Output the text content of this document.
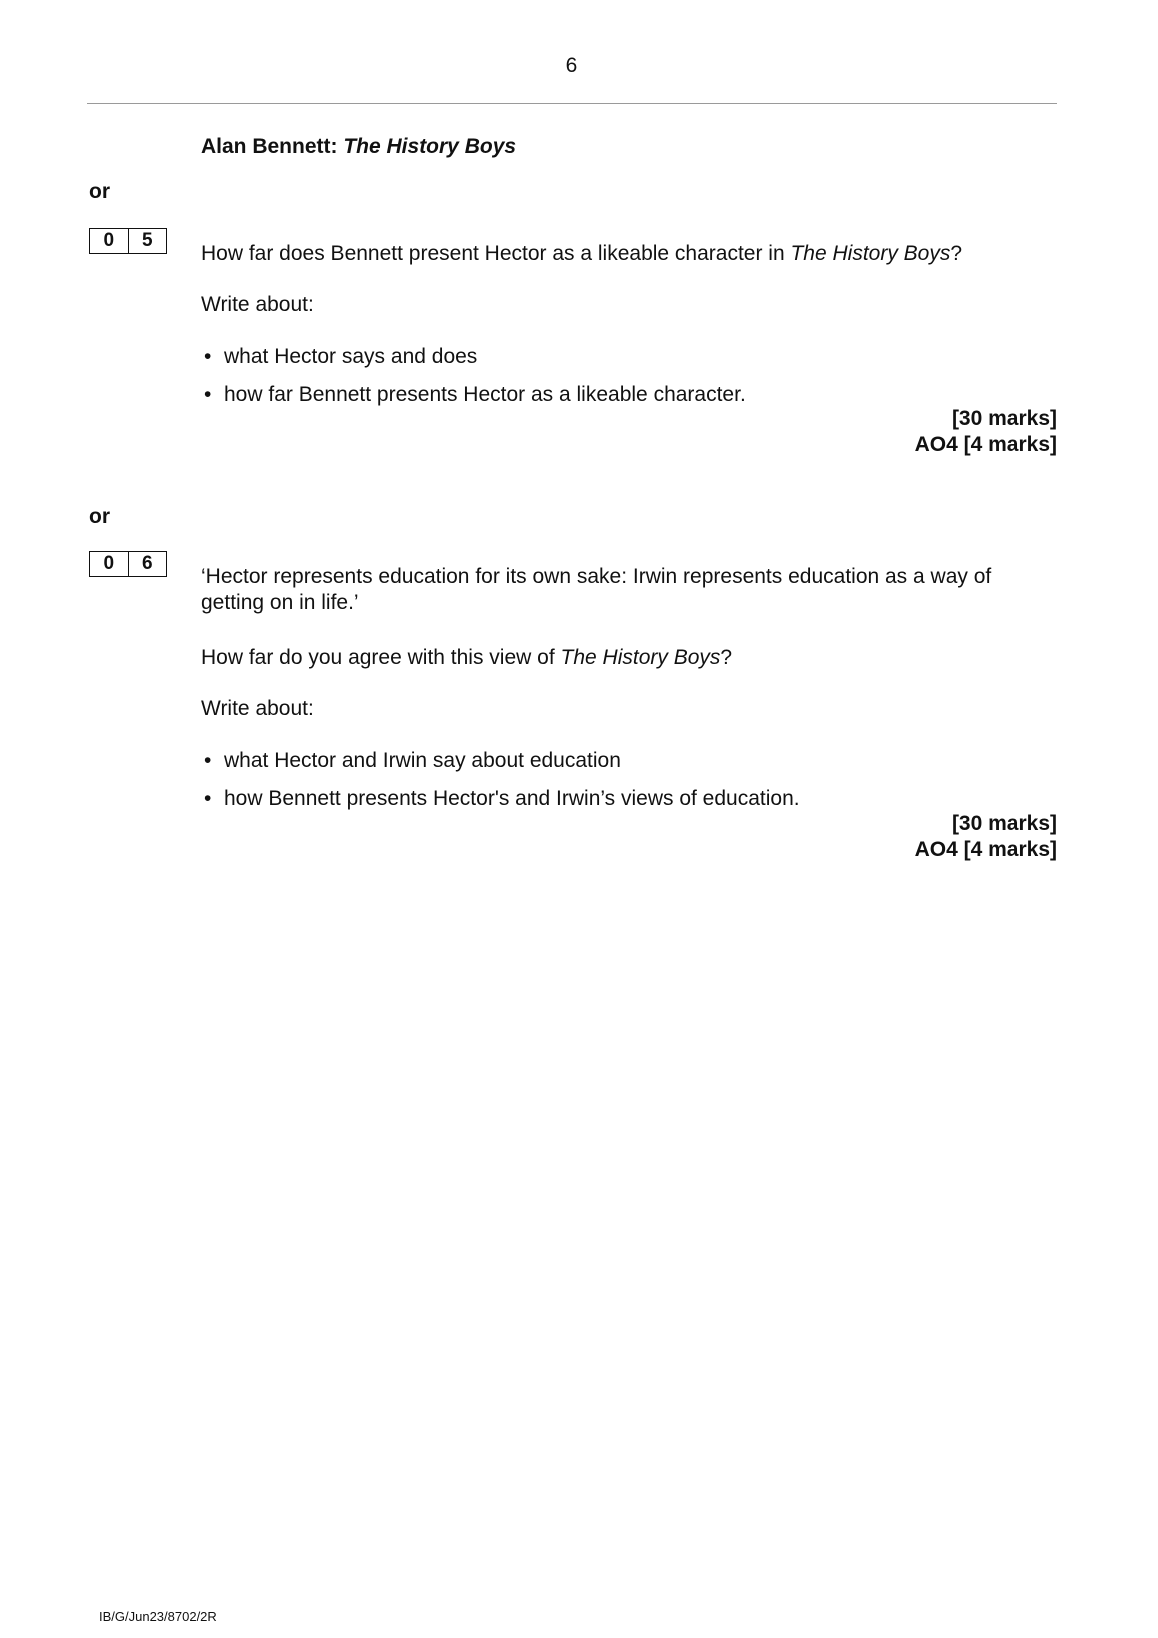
6
Alan Bennett: The History Boys
or
0	5
How far does Bennett present Hector as a likeable character in The History Boys?
Write about:
• what Hector says and does
• how far Bennett presents Hector as a likeable character.
[30 marks]
AO4 [4 marks]
or
0	6
‘Hector represents education for its own sake: Irwin represents education as a way of getting on in life.’
How far do you agree with this view of The History Boys?
Write about:
• what Hector and Irwin say about education
• how Bennett presents Hector's and Irwin’s views of education.
[30 marks]
AO4 [4 marks]
IB/G/Jun23/8702/2R
